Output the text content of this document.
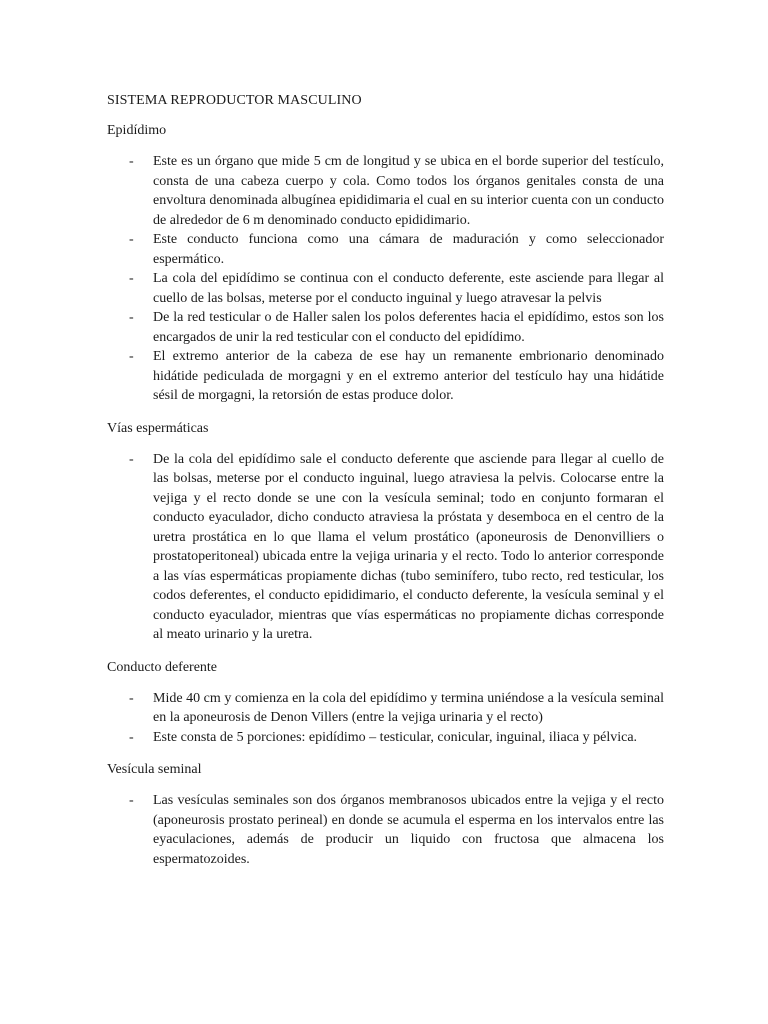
SISTEMA REPRODUCTOR MASCULINO
Epidídimo
- Este es un órgano que mide 5 cm de longitud y se ubica en el borde superior del testículo, consta de una cabeza cuerpo y cola. Como todos los órganos genitales consta de una envoltura denominada albugínea epididimaria el cual en su interior cuenta con un conducto de alrededor de 6 m denominado conducto epididimario.
- Este conducto funciona como una cámara de maduración y como seleccionador espermático.
- La cola del epidídimo se continua con el conducto deferente, este asciende para llegar al cuello de las bolsas, meterse por el conducto inguinal y luego atravesar la pelvis
- De la red testicular o de Haller salen los polos deferentes hacia el epidídimo, estos son los encargados de unir la red testicular con el conducto del epidídimo.
- El extremo anterior de la cabeza de ese hay un remanente embrionario denominado hidátide pediculada de morgagni y en el extremo anterior del testículo hay una hidátide sésil de morgagni, la retorsión de estas produce dolor.
Vías espermáticas
- De la cola del epidídimo sale el conducto deferente que asciende para llegar al cuello de las bolsas, meterse por el conducto inguinal, luego atraviesa la pelvis. Colocarse entre la vejiga y el recto donde se une con la vesícula seminal; todo en conjunto formaran el conducto eyaculador, dicho conducto atraviesa la próstata y desemboca en el centro de la uretra prostática en lo que llama el velum prostático (aponeurosis de Denonvilliers o prostatoperitoneal) ubicada entre la vejiga urinaria y el recto. Todo lo anterior corresponde a las vías espermáticas propiamente dichas (tubo seminífero, tubo recto, red testicular, los codos deferentes, el conducto epididimario, el conducto deferente, la vesícula seminal y el conducto eyaculador, mientras que vías espermáticas no propiamente dichas corresponde al meato urinario y la uretra.
Conducto deferente
- Mide 40 cm y comienza en la cola del epidídimo y termina uniéndose a la vesícula seminal en la aponeurosis de Denon Villers (entre la vejiga urinaria y el recto)
- Este consta de 5 porciones: epidídimo – testicular, conicular, inguinal, iliaca y pélvica.
Vesícula seminal
- Las vesículas seminales son dos órganos membranosos ubicados entre la vejiga y el recto (aponeurosis prostato perineal) en donde se acumula el esperma en los intervalos entre las eyaculaciones, además de producir un liquido con fructosa que almacena los espermatozoides.
